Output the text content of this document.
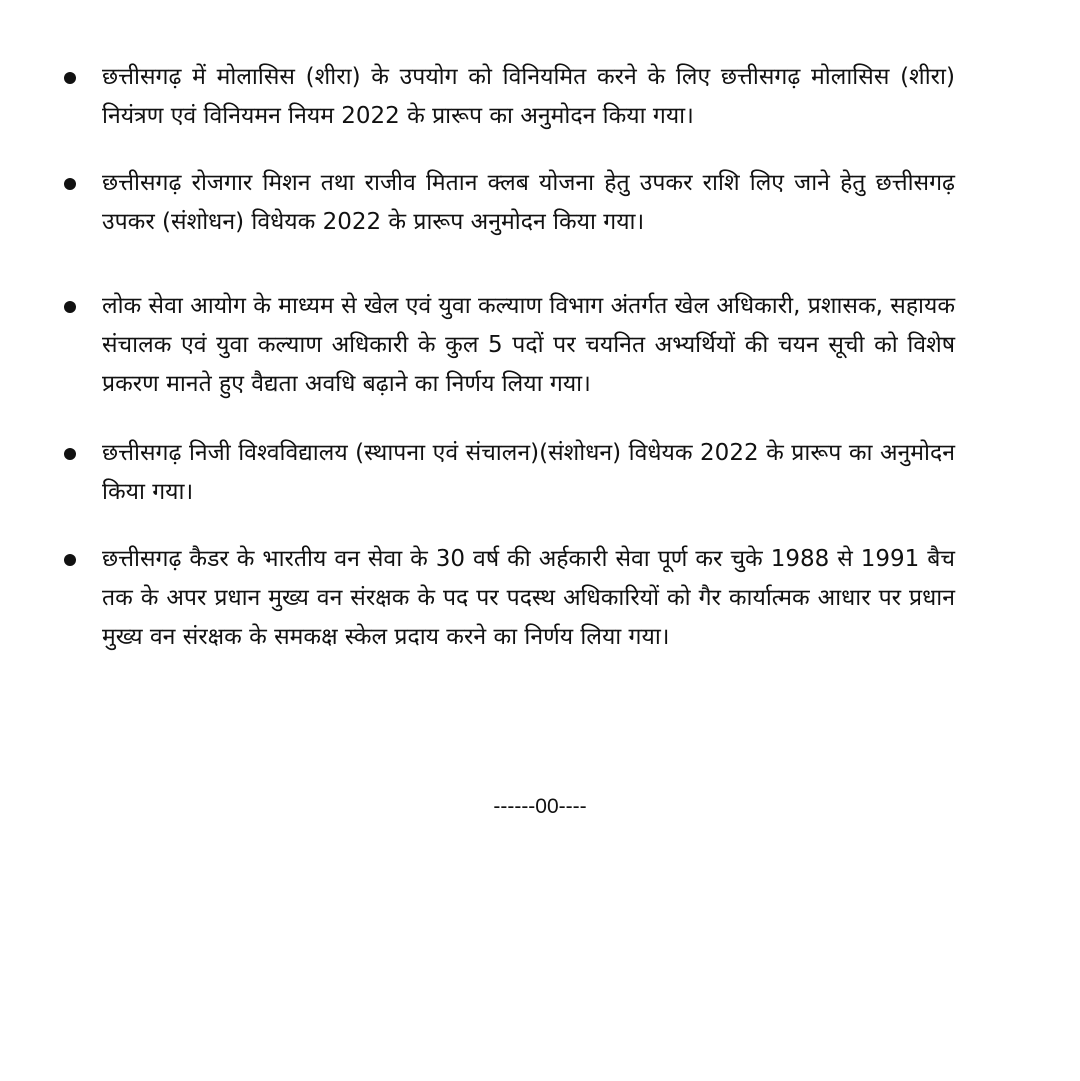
छत्तीसगढ़ में मोलासिस (शीरा) के उपयोग को विनियमित करने के लिए छत्तीसगढ़ मोलासिस (शीरा) नियंत्रण एवं विनियमन नियम 2022 के प्रारूप का अनुमोदन किया गया।
छत्तीसगढ़ रोजगार मिशन तथा राजीव मितान क्लब योजना हेतु उपकर राशि लिए जाने हेतु छत्तीसगढ़ उपकर (संशोधन) विधेयक 2022 के प्रारूप अनुमोदन किया गया।
लोक सेवा आयोग के माध्यम से खेल एवं युवा कल्याण विभाग अंतर्गत खेल अधिकारी, प्रशासक, सहायक संचालक एवं युवा कल्याण अधिकारी के कुल 5 पदों पर चयनित अभ्यर्थियों की चयन सूची को विशेष प्रकरण मानते हुए वैद्यता अवधि बढ़ाने का निर्णय लिया गया।
छत्तीसगढ़ निजी विश्वविद्यालय (स्थापना एवं संचालन)(संशोधन) विधेयक 2022 के प्रारूप का अनुमोदन किया गया।
छत्तीसगढ़ कैडर के भारतीय वन सेवा के 30 वर्ष की अर्हकारी सेवा पूर्ण कर चुके 1988 से 1991 बैच तक के अपर प्रधान मुख्य वन संरक्षक के पद पर पदस्थ अधिकारियों को गैर कार्यात्मक आधार पर प्रधान मुख्य वन संरक्षक के समकक्ष स्केल प्रदाय करने का निर्णय लिया गया।
------00----
